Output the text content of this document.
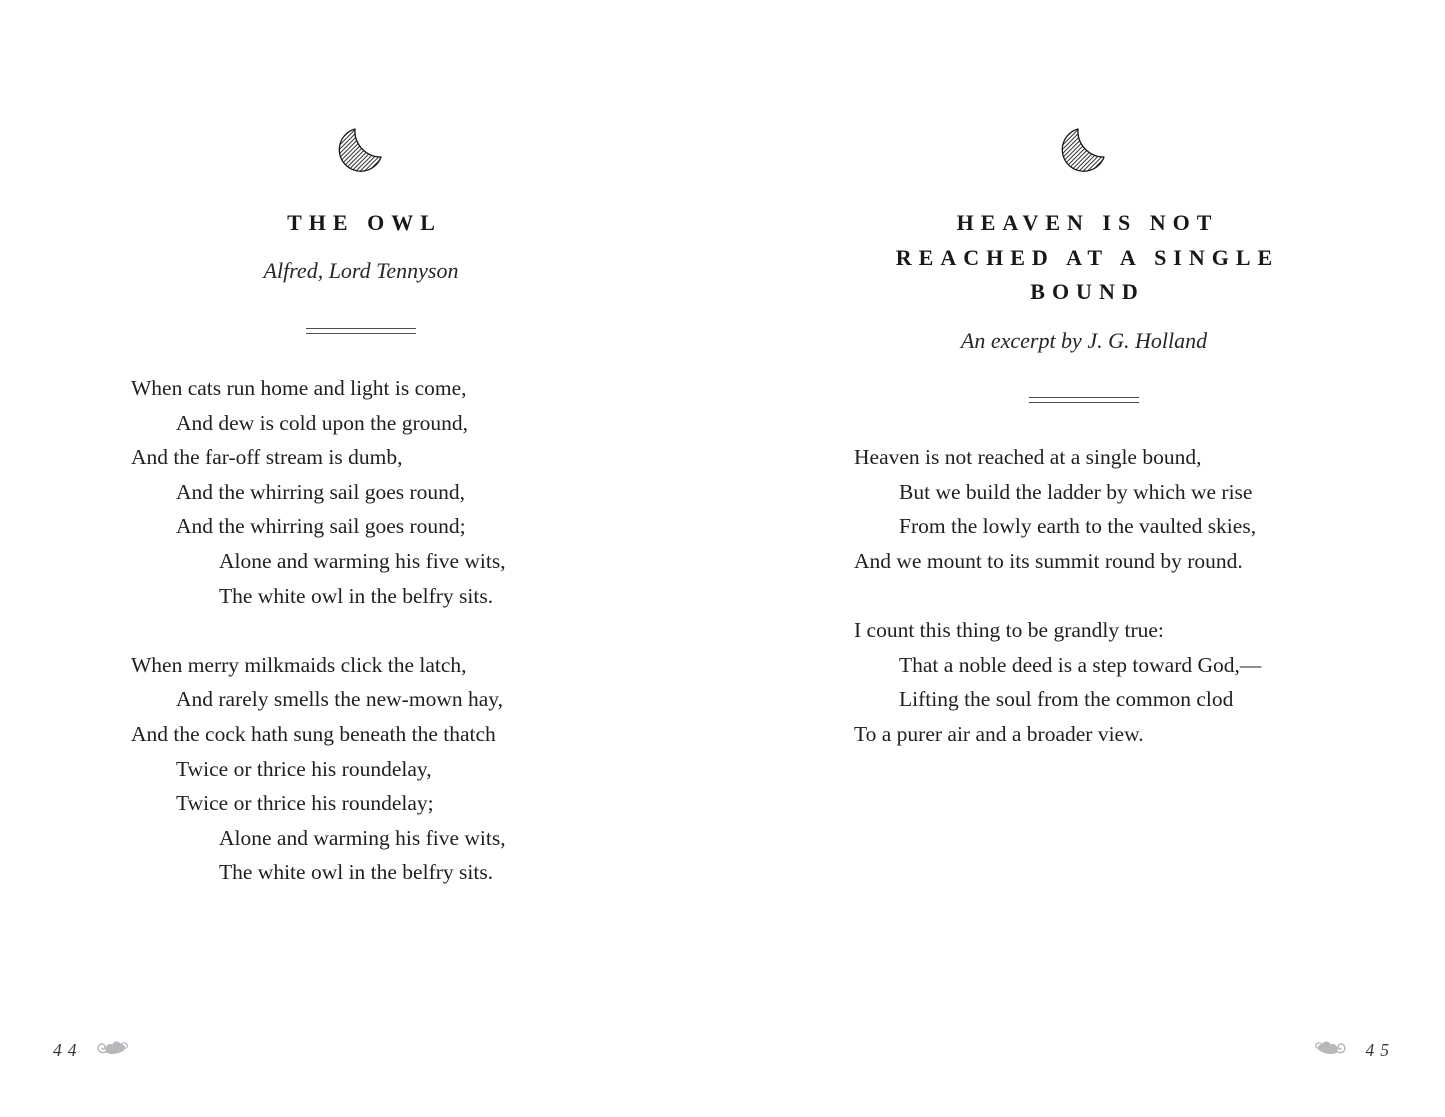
THE OWL
Alfred, Lord Tennyson
When cats run home and light is come,
And dew is cold upon the ground,
And the far-off stream is dumb,
And the whirring sail goes round,
And the whirring sail goes round;
Alone and warming his five wits,
The white owl in the belfry sits.

When merry milkmaids click the latch,
And rarely smells the new-mown hay,
And the cock hath sung beneath the thatch
Twice or thrice his roundelay,
Twice or thrice his roundelay;
Alone and warming his five wits,
The white owl in the belfry sits.
44
HEAVEN IS NOT
REACHED AT A SINGLE
BOUND
An excerpt by J. G. Holland
Heaven is not reached at a single bound,
But we build the ladder by which we rise
From the lowly earth to the vaulted skies,
And we mount to its summit round by round.

I count this thing to be grandly true:
That a noble deed is a step toward God,—
Lifting the soul from the common clod
To a purer air and a broader view.
45
